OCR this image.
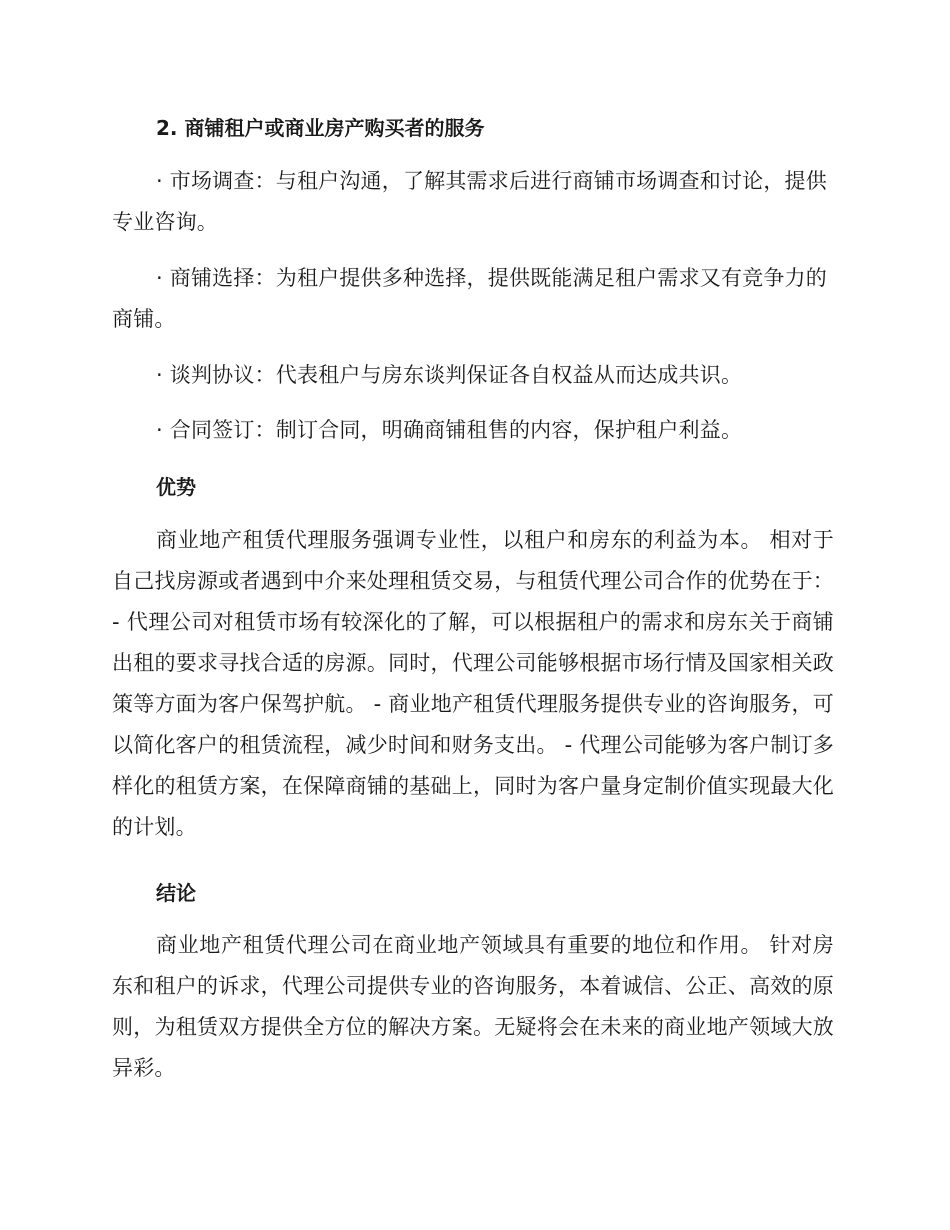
2. 商铺租户或商业房产购买者的服务
· 市场调查：与租户沟通，了解其需求后进行商铺市场调查和讨论，提供专业咨询。
· 商铺选择：为租户提供多种选择，提供既能满足租户需求又有竞争力的商铺。
· 谈判协议：代表租户与房东谈判保证各自权益从而达成共识。
· 合同签订：制订合同，明确商铺租售的内容，保护租户利益。
优势
商业地产租赁代理服务强调专业性，以租户和房东的利益为本。 相对于自己找房源或者遇到中介来处理租赁交易，与租赁代理公司合作的优势在于： - 代理公司对租赁市场有较深化的了解，可以根据租户的需求和房东关于商铺出租的要求寻找合适的房源。同时，代理公司能够根据市场行情及国家相关政策等方面为客户保驾护航。 - 商业地产租赁代理服务提供专业的咨询服务，可以简化客户的租赁流程，减少时间和财务支出。 - 代理公司能够为客户制订多样化的租赁方案，在保障商铺的基础上，同时为客户量身定制价值实现最大化的计划。
结论
商业地产租赁代理公司在商业地产领域具有重要的地位和作用。 针对房东和租户的诉求，代理公司提供专业的咨询服务，本着诚信、公正、高效的原则，为租赁双方提供全方位的解决方案。无疑将会在未来的商业地产领域大放异彩。
